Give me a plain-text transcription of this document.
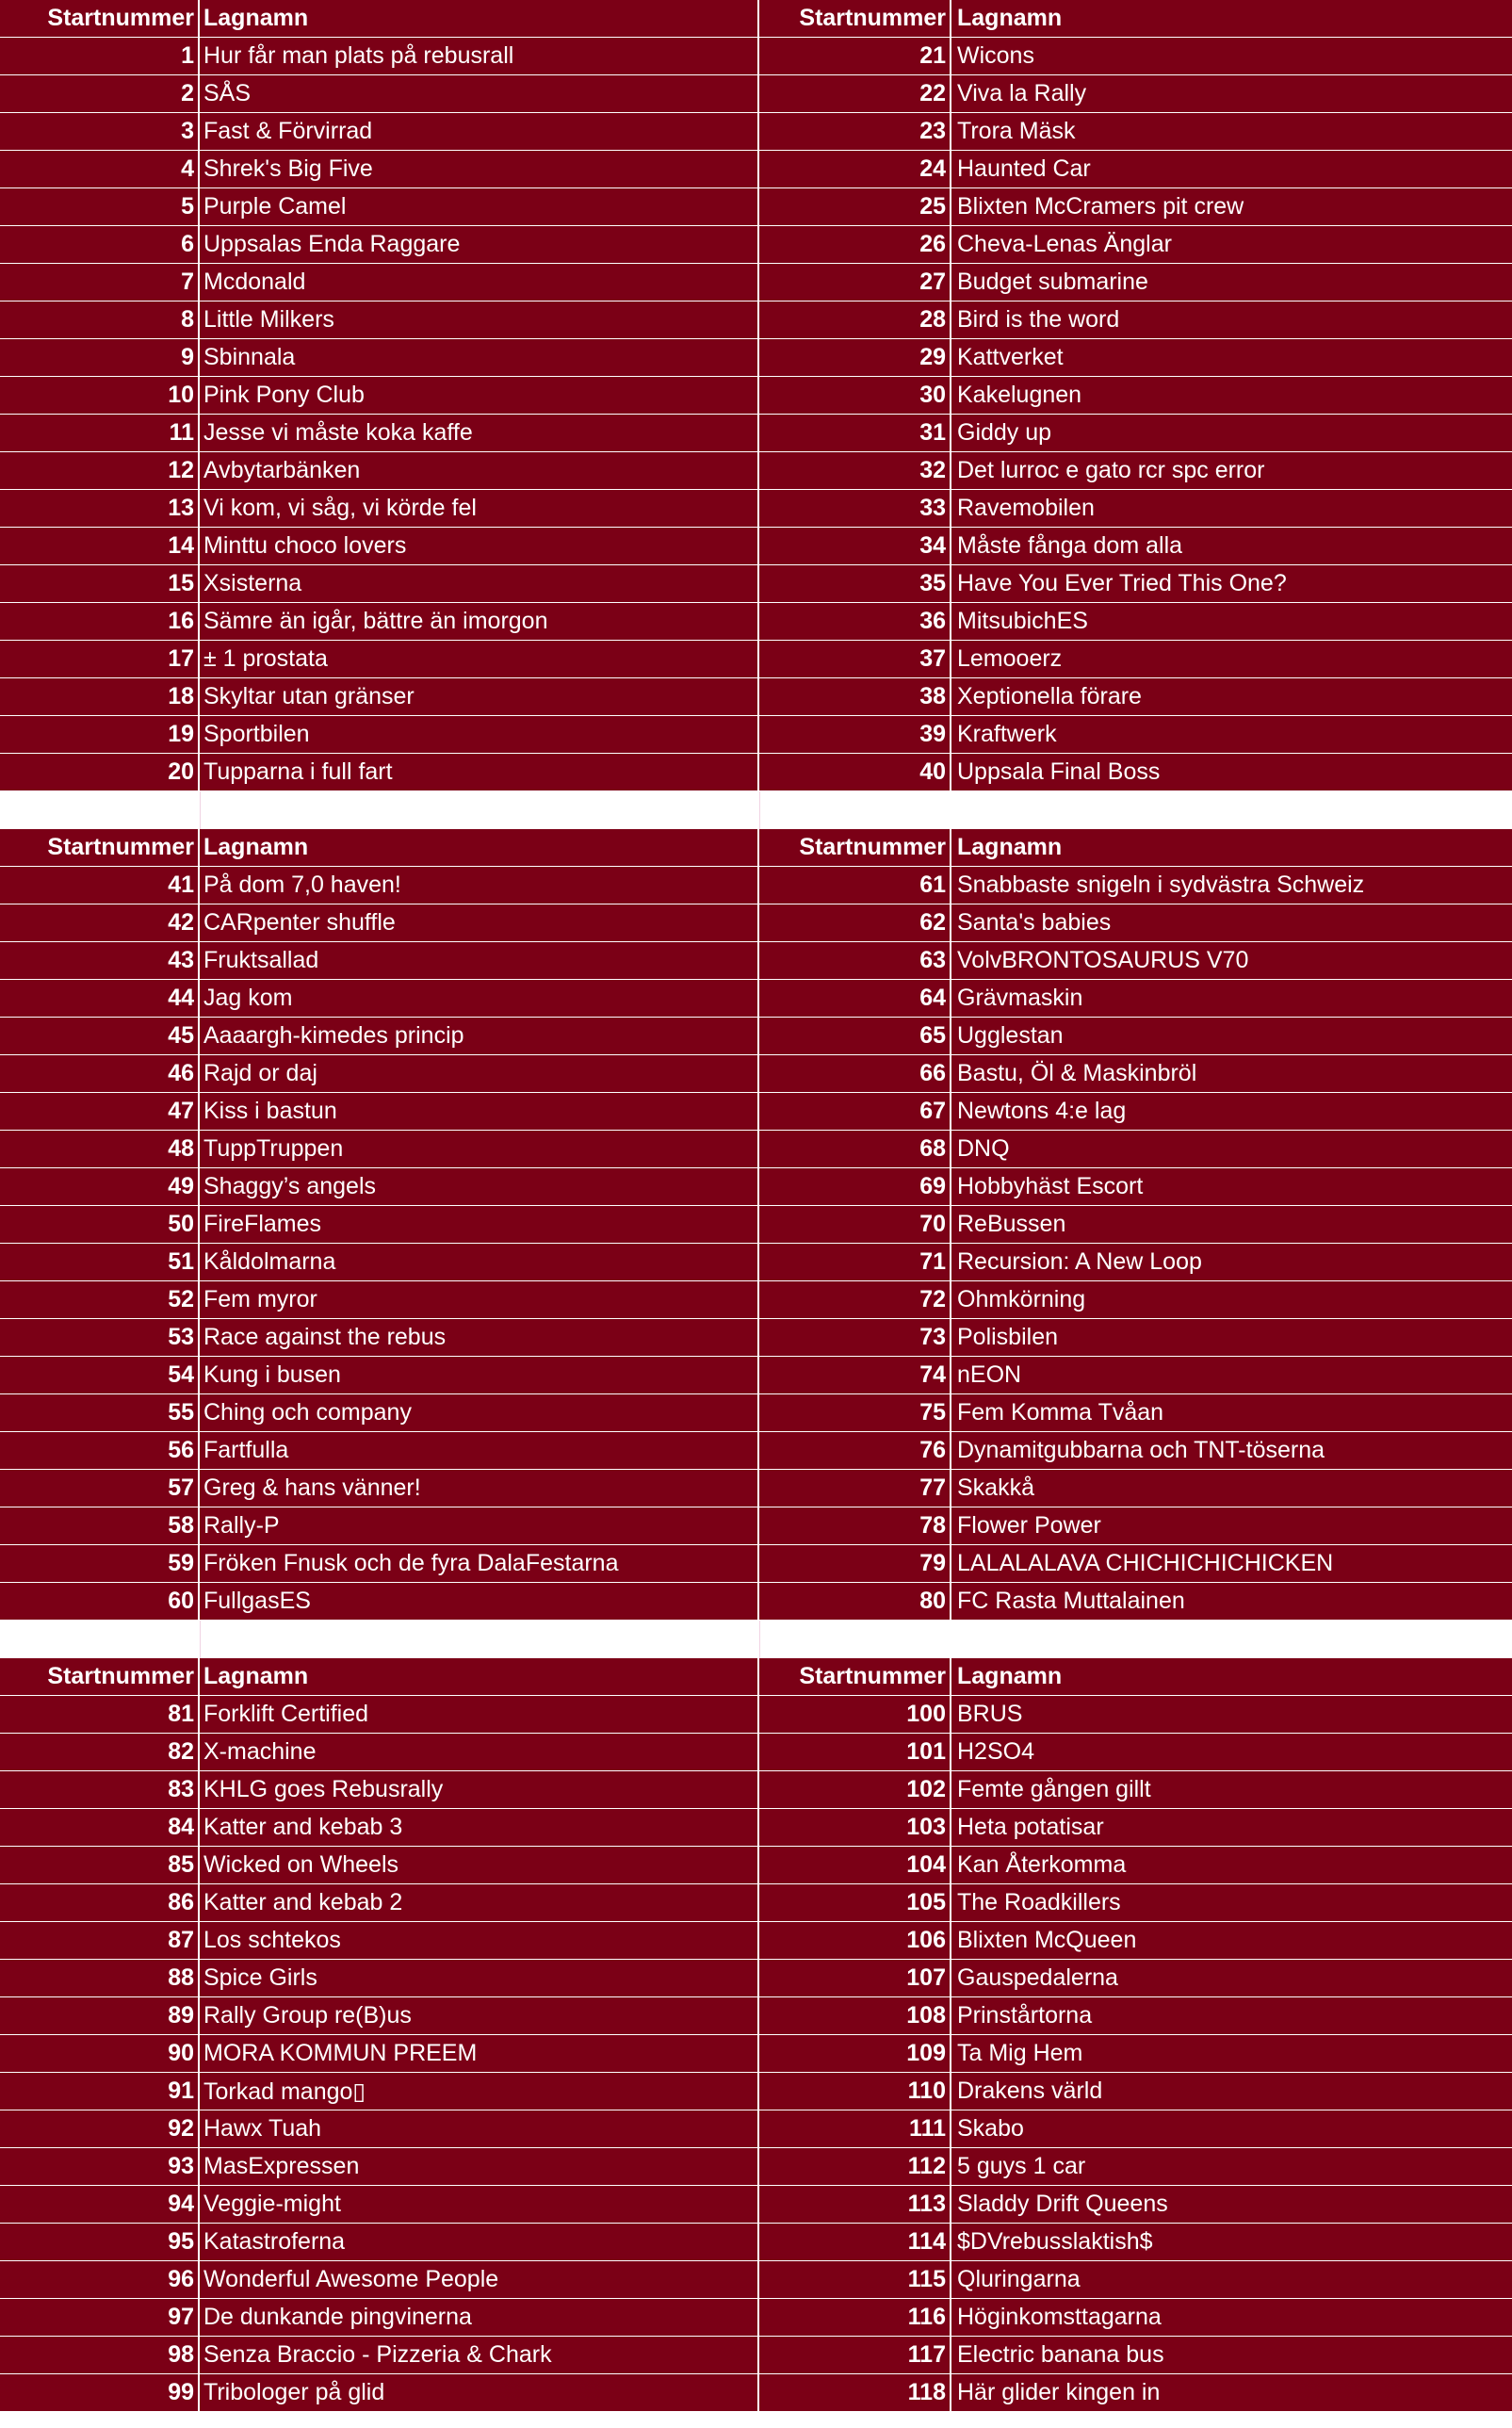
Startnummer Lagnamn
1 Hur får man plats på rebusrall
2 SÅS
3 Fast & Förvirrad
4 Shrek's Big Five
5 Purple Camel
6 Uppsalas Enda Raggare
7 Mcdonald
8 Little Milkers
9 Sbinnala
10 Pink Pony Club
11 Jesse vi måste koka kaffe
12 Avbytarbänken
13 Vi kom, vi såg, vi körde fel
14 Minttu choco lovers
15 Xsisterna
16 Sämre än igår, bättre än imorgon
17 ± 1 prostata
18 Skyltar utan gränser
19 Sportbilen
20 Tupparna i full fart
Startnummer Lagnamn
21 Wicons
22 Viva la Rally
23 Trora Mäsk
24 Haunted Car
25 Blixten McCramers pit crew
26 Cheva-Lenas Änglar
27 Budget submarine
28 Bird is the word
29 Kattverket
30 Kakelugnen
31 Giddy up
32 Det lurroc e gato rcr spc error
33 Ravemobilen
34 Måste fånga dom alla
35 Have You Ever Tried This One?
36 MitsubichES
37 Lemooerz
38 Xeptionella förare
39 Kraftwerk
40 Uppsala Final Boss
Startnummer Lagnamn
41 På dom 7,0 haven!
42 CARpenter shuffle
43 Fruktsallad
44 Jag kom
45 Aaaargh-kimedes princip
46 Rajd or daj
47 Kiss i bastun
48 TuppTruppen
49 Shaggy’s angels
50 FireFlames
51 Kåldolmarna
52 Fem myror
53 Race against the rebus
54 Kung i busen
55 Ching och company
56 Fartfulla
57 Greg & hans vänner!
58 Rally-P
59 Fröken Fnusk och de fyra DalaFestarna
60 FullgasES
Startnummer Lagnamn
61 Snabbaste snigeln i sydvästra Schweiz
62 Santa's babies
63 VolvBRONTOSAURUS V70
64 Grävmaskin
65 Ugglestan
66 Bastu, Öl & Maskinbröl
67 Newtons 4:e lag
68 DNQ
69 Hobbyhäst Escort
70 ReBussen
71 Recursion: A New Loop
72 Ohmkörning
73 Polisbilen
74 nEON
75 Fem Komma Tvåan
76 Dynamitgubbarna och TNT-töserna
77 Skakkå
78 Flower Power
79 LALALALAVA CHICHICHICHICKEN
80 FC Rasta Muttalainen
Startnummer Lagnamn
81 Forklift Certified
82 X-machine
83 KHLG goes Rebusrally
84 Katter and kebab 3
85 Wicked on Wheels
86 Katter and kebab 2
87 Los schtekos
88 Spice Girls
89 Rally Group re(B)us
90 MORA KOMMUN PREEM
91 Torkad mango▯
92 Hawx Tuah
93 MasExpressen
94 Veggie-might
95 Katastroferna
96 Wonderful Awesome People
97 De dunkande pingvinerna
98 Senza Braccio - Pizzeria & Chark
99 Tribologer på glid
Startnummer Lagnamn
100 BRUS
101 H2SO4
102 Femte gången gillt
103 Heta potatisar
104 Kan Återkomma
105 The Roadkillers
106 Blixten McQueen
107 Gauspedalerna
108 Prinstårtorna
109 Ta Mig Hem
110 Drakens värld
111 Skabo
112 5 guys 1 car
113 Sladdy Drift Queens
114 $DVrebusslaktish$
115 Qluringarna
116 Höginkomsttagarna
117 Electric banana bus
118 Här glider kingen in
